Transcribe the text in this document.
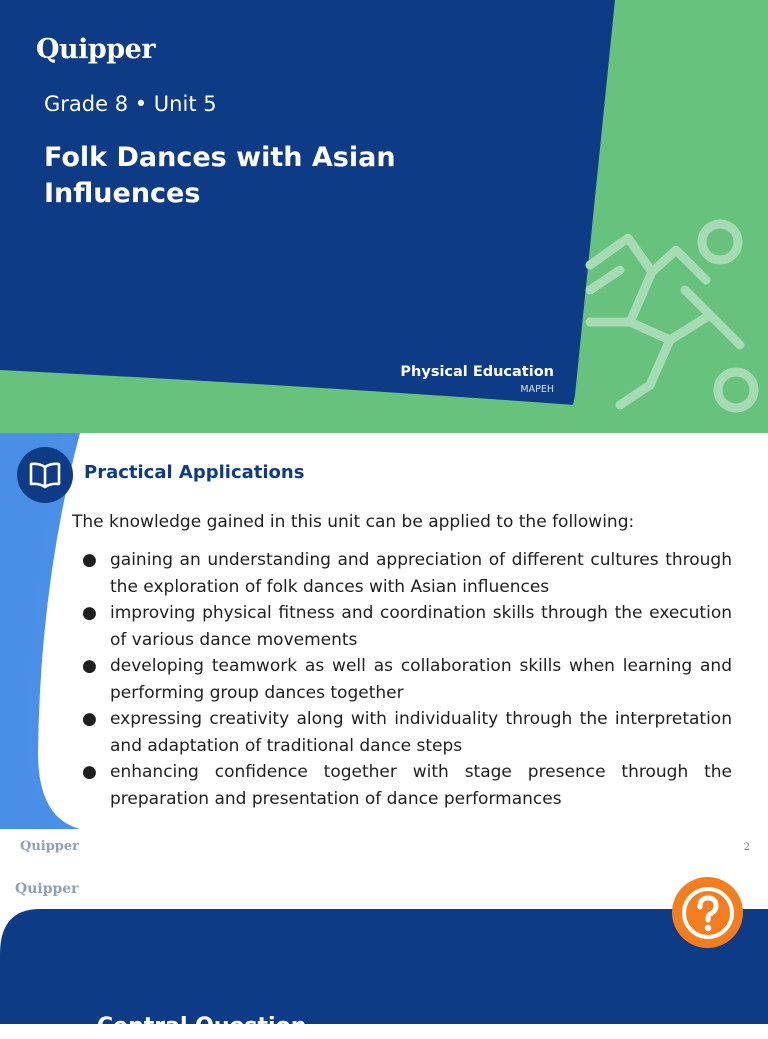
Quipper
Grade 8 • Unit 5
Folk Dances with Asian Influences
Physical Education
MAPEH
Practical Applications
The knowledge gained in this unit can be applied to the following:
● gaining an understanding and appreciation of different cultures through the exploration of folk dances with Asian influences
● improving physical fitness and coordination skills through the execution of various dance movements
● developing teamwork as well as collaboration skills when learning and performing group dances together
● expressing creativity along with individuality through the interpretation and adaptation of traditional dance steps
● enhancing confidence together with stage presence through the preparation and presentation of dance performances
Quipper	2
Quipper
Central Question
